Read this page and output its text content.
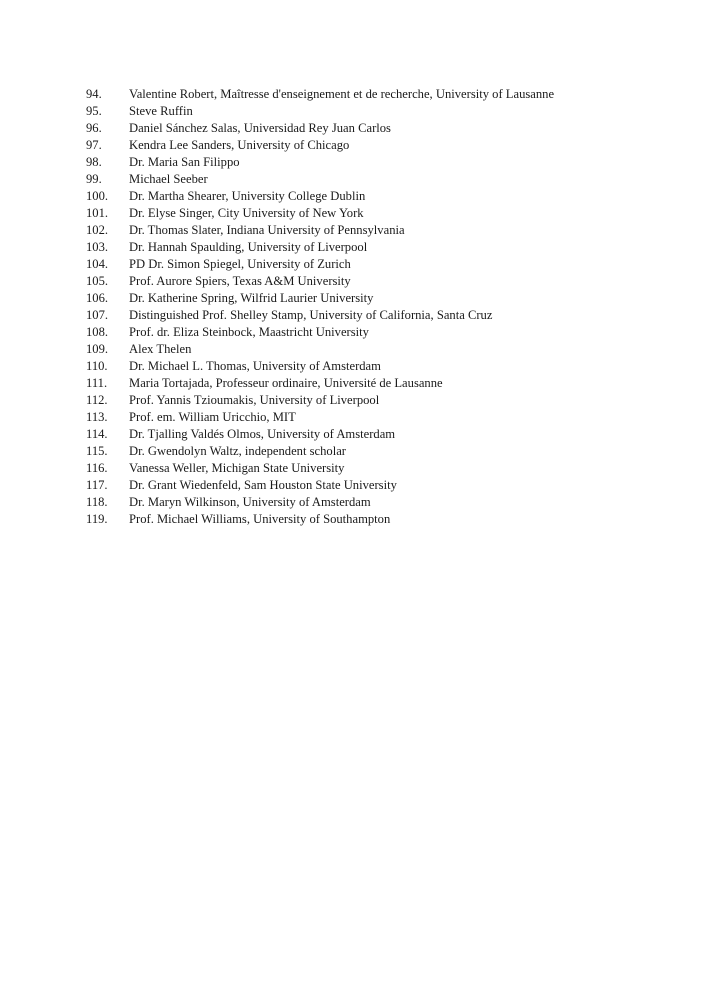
94.	Valentine Robert, Maîtresse d'enseignement et de recherche, University of Lausanne
95.	Steve Ruffin
96.	Daniel Sánchez Salas, Universidad Rey Juan Carlos
97.	Kendra Lee Sanders, University of Chicago
98.	Dr. Maria San Filippo
99.	Michael Seeber
100.	Dr. Martha Shearer, University College Dublin
101.	Dr. Elyse Singer, City University of New York
102.	Dr. Thomas Slater, Indiana University of Pennsylvania
103.	Dr. Hannah Spaulding, University of Liverpool
104.	PD Dr. Simon Spiegel, University of Zurich
105.	Prof. Aurore Spiers, Texas A&M University
106.	Dr. Katherine Spring, Wilfrid Laurier University
107.	Distinguished Prof. Shelley Stamp, University of California, Santa Cruz
108.	Prof. dr. Eliza Steinbock, Maastricht University
109.	Alex Thelen
110.	Dr. Michael L. Thomas, University of Amsterdam
111.	Maria Tortajada, Professeur ordinaire, Université de Lausanne
112.	Prof. Yannis Tzioumakis, University of Liverpool
113.	Prof. em. William Uricchio, MIT
114.	Dr. Tjalling Valdés Olmos, University of Amsterdam
115.	Dr. Gwendolyn Waltz, independent scholar
116.	Vanessa Weller, Michigan State University
117.	Dr. Grant Wiedenfeld, Sam Houston State University
118.	Dr. Maryn Wilkinson, University of Amsterdam
119.	Prof. Michael Williams, University of Southampton
